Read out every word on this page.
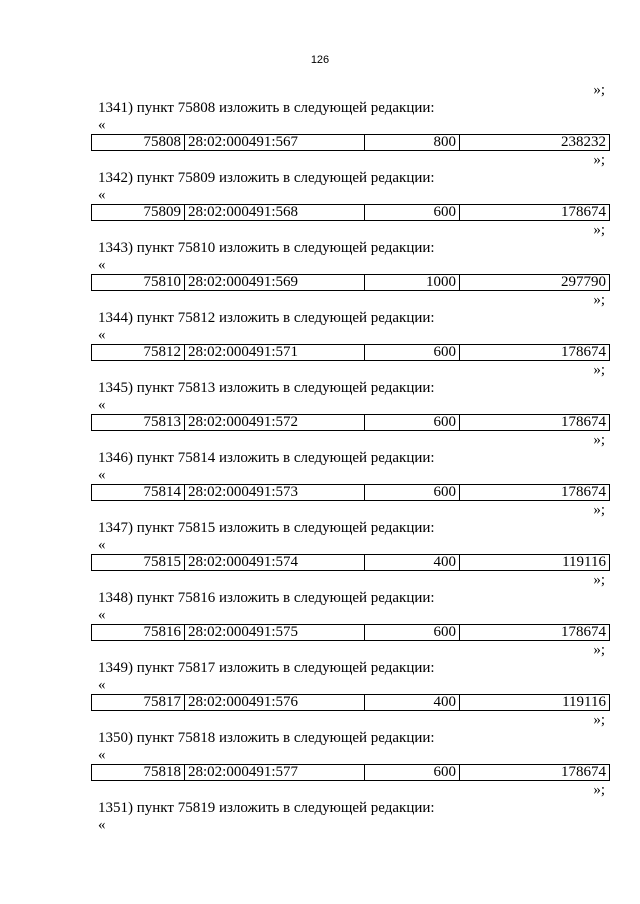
126
»;
1341) пункт 75808 изложить в следующей редакции:
«
75808 28:02:000491:567	800	238232
»;
1342) пункт 75809 изложить в следующей редакции:
«
75809 28:02:000491:568	600	178674
»;
1343) пункт 75810 изложить в следующей редакции:
«
75810 28:02:000491:569	1000	297790
»;
1344) пункт 75812 изложить в следующей редакции:
«
75812 28:02:000491:571	600	178674
»;
1345) пункт 75813 изложить в следующей редакции:
«
75813 28:02:000491:572	600	178674
»;
1346) пункт 75814 изложить в следующей редакции:
«
75814 28:02:000491:573	600	178674
»;
1347) пункт 75815 изложить в следующей редакции:
«
75815 28:02:000491:574	400	119116
»;
1348) пункт 75816 изложить в следующей редакции:
«
75816 28:02:000491:575	600	178674
»;
1349) пункт 75817 изложить в следующей редакции:
«
75817 28:02:000491:576	400	119116
»;
1350) пункт 75818 изложить в следующей редакции:
«
75818 28:02:000491:577	600	178674
»;
1351) пункт 75819 изложить в следующей редакции:
«
